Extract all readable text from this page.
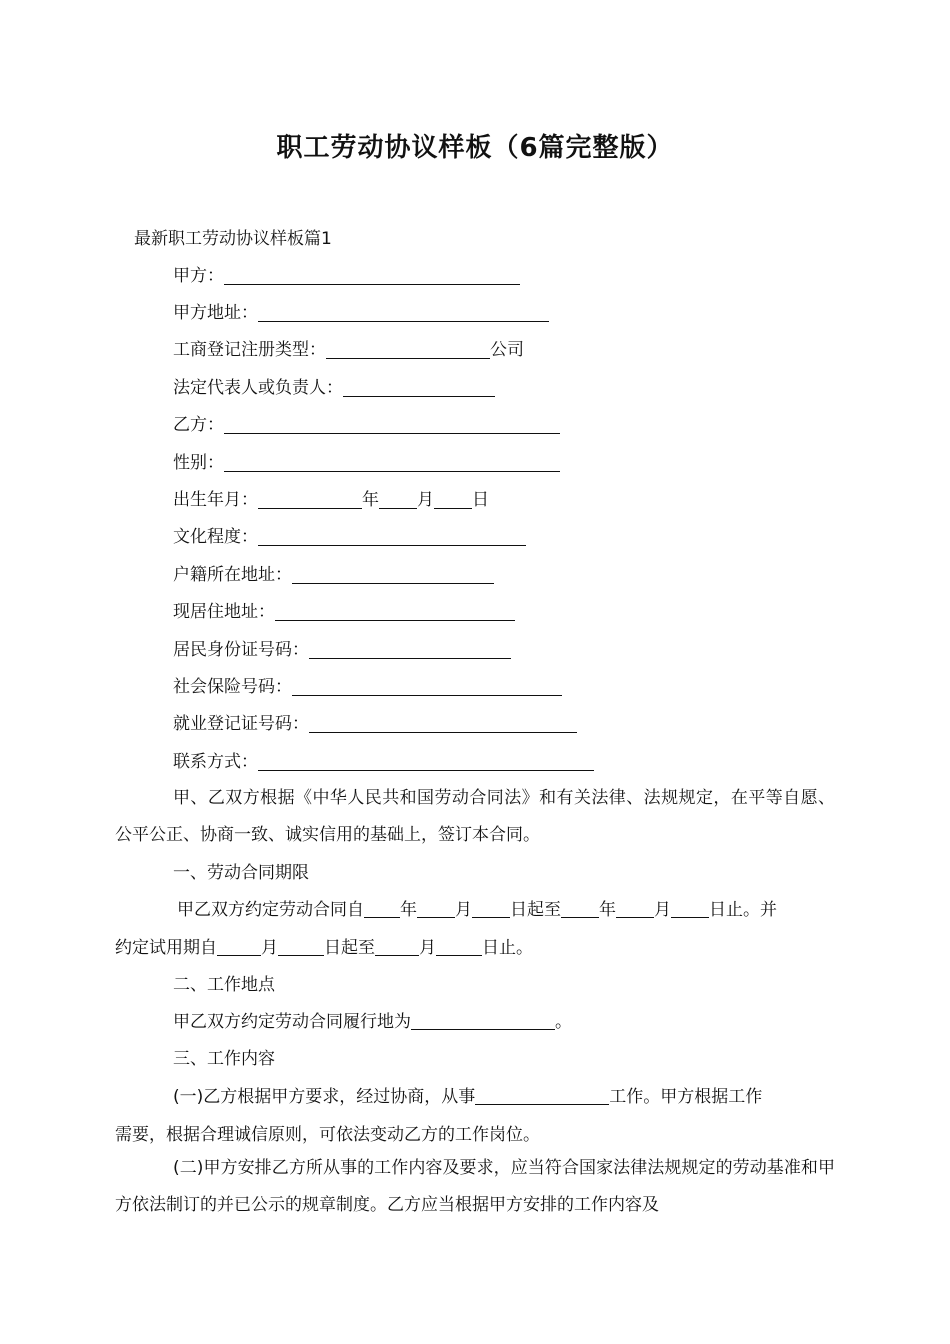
职工劳动协议样板（6篇完整版）
最新职工劳动协议样板篇1
甲方：
甲方地址：
工商登记注册类型：	公司
法定代表人或负责人：
乙方：
性别：
出生年月：	年 月 日
文化程度：
户籍所在地址：
现居住地址：
居民身份证号码：
社会保险号码：
就业登记证号码：
联系方式：

甲、乙双方根据《中华人民共和国劳动合同法》和有关法律、法规规定，在平等自愿、公平公正、协商一致、诚实信用的基础上，签订本合同。

一、劳动合同期限
甲乙双方约定劳动合同自 年 月 日起至 年 月 日止。并
约定试用期自	月	日起至	月	日止。
二、工作地点
甲乙双方约定劳动合同履行地为	。
三、工作内容
(一)乙方根据甲方要求，经过协商，从事	工作。甲方根据工作
需要，根据合理诚信原则，可依法变动乙方的工作岗位。

(二)甲方安排乙方所从事的工作内容及要求，应当符合国家法律法规规定的劳动基准和甲方依法制订的并已公示的规章制度。乙方应当根据甲方安排的工作内容及
